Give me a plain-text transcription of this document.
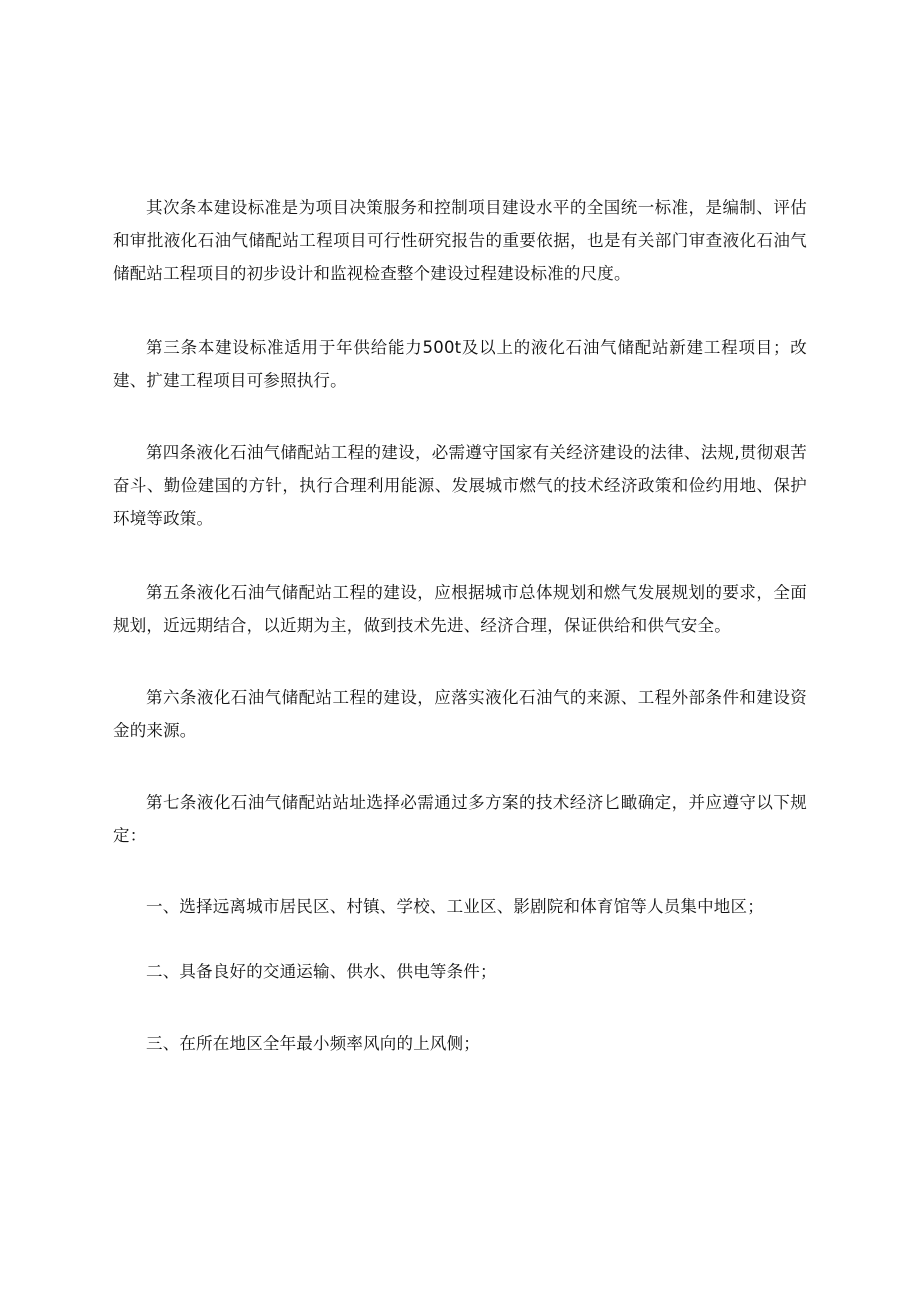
其次条本建设标准是为项目决策服务和控制项目建设水平的全国统一标准，是编制、评估和审批液化石油气储配站工程项目可行性研究报告的重要依据，也是有关部门审查液化石油气储配站工程项目的初步设计和监视检查整个建设过程建设标准的尺度。

第三条本建设标准适用于年供给能力500t及以上的液化石油气储配站新建工程项目；改建、扩建工程项目可参照执行。

第四条液化石油气储配站工程的建设，必需遵守国家有关经济建设的法律、法规,贯彻艰苦奋斗、勤俭建国的方针，执行合理利用能源、发展城市燃气的技术经济政策和俭约用地、保护环境等政策。

第五条液化石油气储配站工程的建设，应根据城市总体规划和燃气发展规划的要求，全面规划，近远期结合，以近期为主，做到技术先进、经济合理，保证供给和供气安全。

第六条液化石油气储配站工程的建设，应落实液化石油气的来源、工程外部条件和建设资金的来源。

第七条液化石油气储配站站址选择必需通过多方案的技术经济匕瞰确定，并应遵守以下规定：

一、选择远离城市居民区、村镇、学校、工业区、影剧院和体育馆等人员集中地区；

二、具备良好的交通运输、供水、供电等条件；

三、在所在地区全年最小频率风向的上风侧；
